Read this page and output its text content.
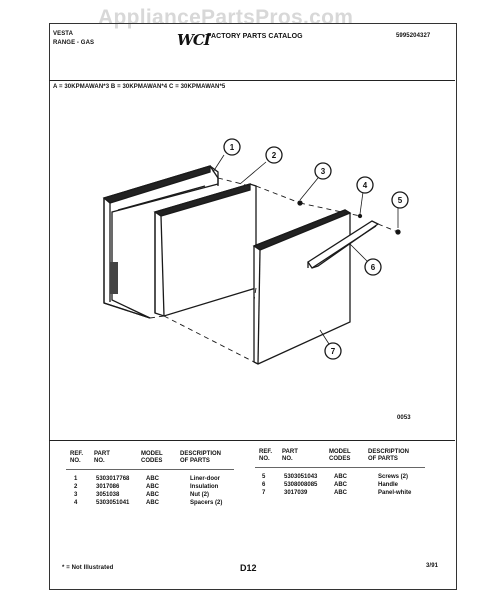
AppliancePartsPros.com
VESTA
RANGE - GAS	WCI
FACTORY PARTS CATALOG	5995204327
A = 30KPMAWAN*3 B = 30KPMAWAN*4 C = 30KPMAWAN*5
1
2
3
4
5
6
7
0053
REF.
NO.
PART
NO.
MODEL
CODES
DESCRIPTION
OF PARTS
REF.
NO.
PART
NO.
MODEL
CODES
DESCRIPTION
OF PARTS
1	5303017768	ABC	Liner-door
2	3017086	ABC	Insulation
3	3051038	ABC	Nut (2)
4	5303051041	ABC	Spacers (2)
5	5303051043	ABC	Screws (2)
6	5308008085	ABC	Handle
7	3017039	ABC	Panel-white
* = Not Illustrated	D12	3/91
